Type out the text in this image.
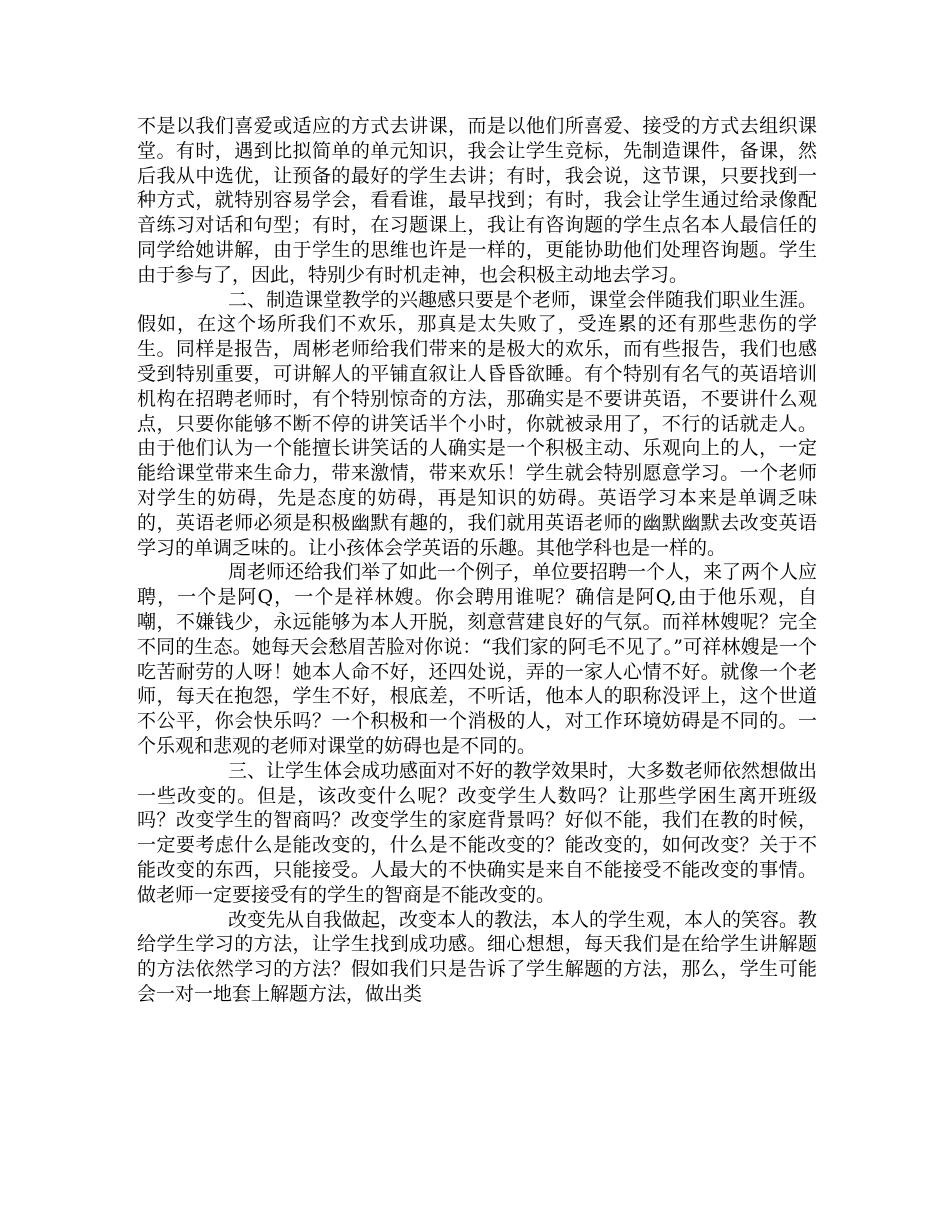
不是以我们喜爱或适应的方式去讲课，而是以他们所喜爱、接受的方式去组织课堂。有时，遇到比拟简单的单元知识，我会让学生竞标，先制造课件，备课，然后我从中选优，让预备的最好的学生去讲；有时，我会说，这节课，只要找到一种方式，就特别容易学会，看看谁，最早找到；有时，我会让学生通过给录像配音练习对话和句型；有时，在习题课上，我让有咨询题的学生点名本人最信任的同学给她讲解，由于学生的思维也许是一样的，更能协助他们处理咨询题。学生由于参与了，因此，特别少有时机走神，也会积极主动地去学习。

二、制造课堂教学的兴趣感只要是个老师，课堂会伴随我们职业生涯。假如，在这个场所我们不欢乐，那真是太失败了，受连累的还有那些悲伤的学生。同样是报告，周彬老师给我们带来的是极大的欢乐，而有些报告，我们也感受到特别重要，可讲解人的平铺直叙让人昏昏欲睡。有个特别有名气的英语培训机构在招聘老师时，有个特别惊奇的方法，那确实是不要讲英语，不要讲什么观点，只要你能够不断不停的讲笑话半个小时，你就被录用了，不行的话就走人。由于他们认为一个能擅长讲笑话的人确实是一个积极主动、乐观向上的人，一定能给课堂带来生命力，带来激情，带来欢乐！学生就会特别愿意学习。一个老师对学生的妨碍，先是态度的妨碍，再是知识的妨碍。英语学习本来是单调乏味的，英语老师必须是积极幽默有趣的，我们就用英语老师的幽默幽默去改变英语学习的单调乏味的。让小孩体会学英语的乐趣。其他学科也是一样的。

周老师还给我们举了如此一个例子，单位要招聘一个人，来了两个人应聘，一个是阿Q，一个是祥林嫂。你会聘用谁呢？确信是阿Q,由于他乐观，自嘲，不嫌钱少，永远能够为本人开脱，刻意营建良好的气氛。而祥林嫂呢？完全不同的生态。她每天会愁眉苦脸对你说：“我们家的阿毛不见了。”可祥林嫂是一个吃苦耐劳的人呀！她本人命不好，还四处说，弄的一家人心情不好。就像一个老师，每天在抱怨，学生不好，根底差，不听话，他本人的职称没评上，这个世道不公平，你会快乐吗？一个积极和一个消极的人，对工作环境妨碍是不同的。一个乐观和悲观的老师对课堂的妨碍也是不同的。

三、让学生体会成功感面对不好的教学效果时，大多数老师依然想做出一些改变的。但是，该改变什么呢？改变学生人数吗？让那些学困生离开班级吗？改变学生的智商吗？改变学生的家庭背景吗？好似不能，我们在教的时候，一定要考虑什么是能改变的，什么是不能改变的？能改变的，如何改变？关于不能改变的东西，只能接受。人最大的不快确实是来自不能接受不能改变的事情。做老师一定要接受有的学生的智商是不能改变的。

改变先从自我做起，改变本人的教法，本人的学生观，本人的笑容。教给学生学习的方法，让学生找到成功感。细心想想，每天我们是在给学生讲解题的方法依然学习的方法？假如我们只是告诉了学生解题的方法，那么，学生可能会一对一地套上解题方法，做出类
